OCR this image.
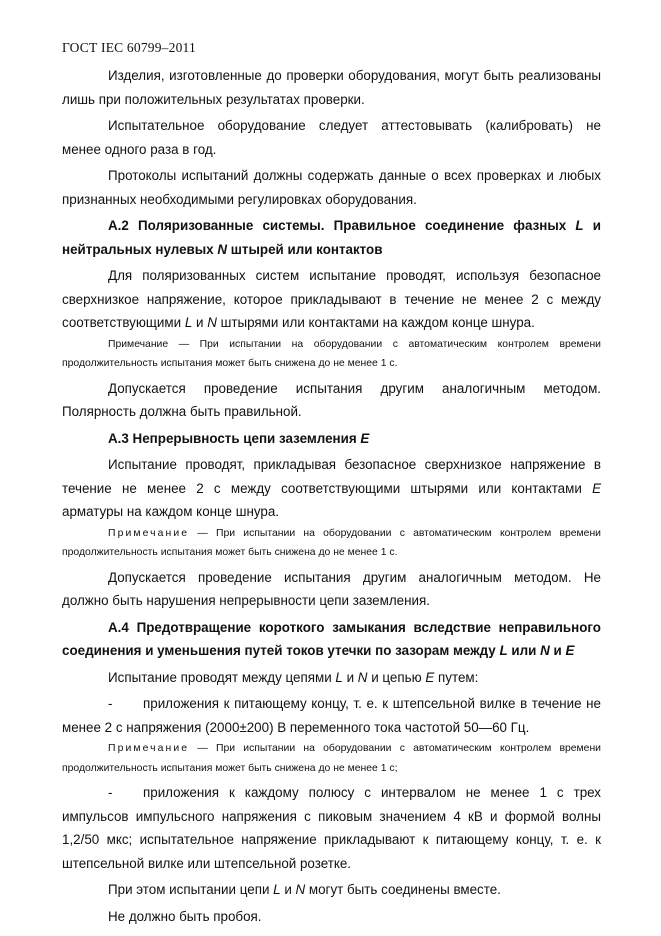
ГОСТ IEC 60799–2011

Изделия, изготовленные до проверки оборудования, могут быть реализованы
лишь при положительных результатах проверки.

Испытательное оборудование следует аттестовывать (калибровать) не
менее одного раза в год.

Протоколы испытаний должны содержать данные о всех проверках и любых
признанных необходимыми регулировках оборудования.

А.2 Поляризованные системы. Правильное соединение фазных L и
нейтральных нулевых N штырей или контактов

Для поляризованных систем испытание проводят, используя безопасное
сверхнизкое напряжение, которое прикладывают в течение не менее 2 с между
соответствующими L и N штырями или контактами на каждом конце шнура.

Примечание — При испытании на оборудовании с автоматическим контролем времени

продолжительность испытания может быть снижена до не менее 1 с.

Допускается проведение испытания другим аналогичным методом.
Полярность должна быть правильной.

А.3 Непрерывность цепи заземления Е

Испытание проводят, прикладывая безопасное сверхнизкое напряжение в
течение не менее 2 с между соответствующими штырями или контактами Е
арматуры на каждом конце шнура.

Примечание — При испытании на оборудовании с автоматическим контролем времени

продолжительность испытания может быть снижена до не менее 1 с.

Допускается проведение испытания другим аналогичным методом. Не
должно быть нарушения непрерывности цепи заземления.

А.4 Предотвращение короткого замыкания вследствие неправильного
соединения и уменьшения путей токов утечки по зазорам между L или N и Е

Испытание проводят между цепями L и N и цепью Е путем:

- приложения к питающему концу, т. е. к штепсельной вилке в течение не
менее 2 с напряжения (2000±200) В переменного тока частотой 50—60 Гц.

Примечание — При испытании на оборудовании с автоматическим контролем времени

продолжительность испытания может быть снижена до не менее 1 с;

- приложения к каждому полюсу с интервалом не менее 1 с трех
импульсов импульсного напряжения с пиковым значением 4 кВ и формой волны
1,2/50 мкс; испытательное напряжение прикладывают к питающему концу, т. е. к
штепсельной вилке или штепсельной розетке.

При этом испытании цепи L и N могут быть соединены вместе.

Не должно быть пробоя.
